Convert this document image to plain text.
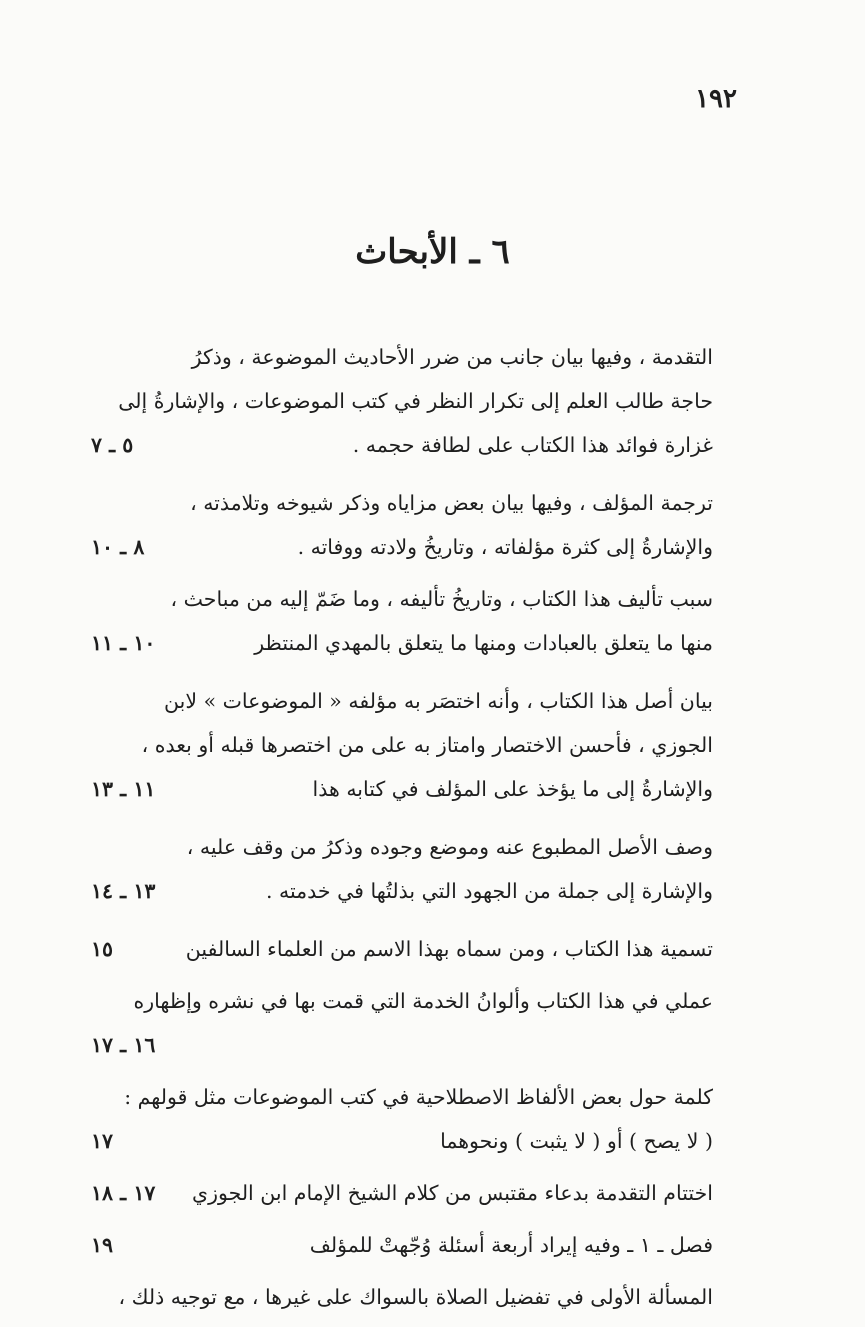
١٩٢
٦ ـ الأبحاث
التقدمة ، وفيها بيان جانب من ضرر الأحاديث الموضوعة ، وذكرُ
حاجة طالب العلم إلى تكرار النظر في كتب الموضوعات ، والإشارةُ إلى
غزارة فوائد هذا الكتاب على لطافة حجمه .
٥ ـ ٧
ترجمة المؤلف ، وفيها بيان بعض مزاياه وذكر شيوخه وتلامذته ،
والإشارةُ إلى كثرة مؤلفاته ، وتاريخُ ولادته ووفاته .
٨ ـ ١٠
سبب تأليف هذا الكتاب ، وتاريخُ تأليفه ، وما ضَمّ إليه من مباحث ،
منها ما يتعلق بالعبادات ومنها ما يتعلق بالمهدي المنتظر
١٠ ـ ١١
بيان أصل هذا الكتاب ، وأنه اختصَر به مؤلفه « الموضوعات » لابن
الجوزي ، فأحسن الاختصار وامتاز به على من اختصرها قبله أو بعده ،
والإشارةُ إلى ما يؤخذ على المؤلف في كتابه هذا
١١ ـ ١٣
وصف الأصل المطبوع عنه وموضع وجوده وذكرُ من وقف عليه ،
والإشارة إلى جملة من الجهود التي بذلتُها في خدمته .
١٣ ـ ١٤
تسمية هذا الكتاب ، ومن سماه بهذا الاسم من العلماء السالفين
١٥
عملي في هذا الكتاب وألوانُ الخدمة التي قمت بها في نشره وإظهاره
١٦ ـ ١٧
كلمة حول بعض الألفاظ الاصطلاحية في كتب الموضوعات مثل قولهم :
( لا يصح ) أو ( لا يثبت ) ونحوهما
١٧
اختتام التقدمة بدعاء مقتبس من كلام الشيخ الإمام ابن الجوزي
١٧ ـ ١٨
فصل ـ ١ ـ وفيه إيراد أربعة أسئلة وُجّهتْ للمؤلف
١٩
المسألة الأولى في تفضيل الصلاة بالسواك على غيرها ، مع توجيه ذلك ،
